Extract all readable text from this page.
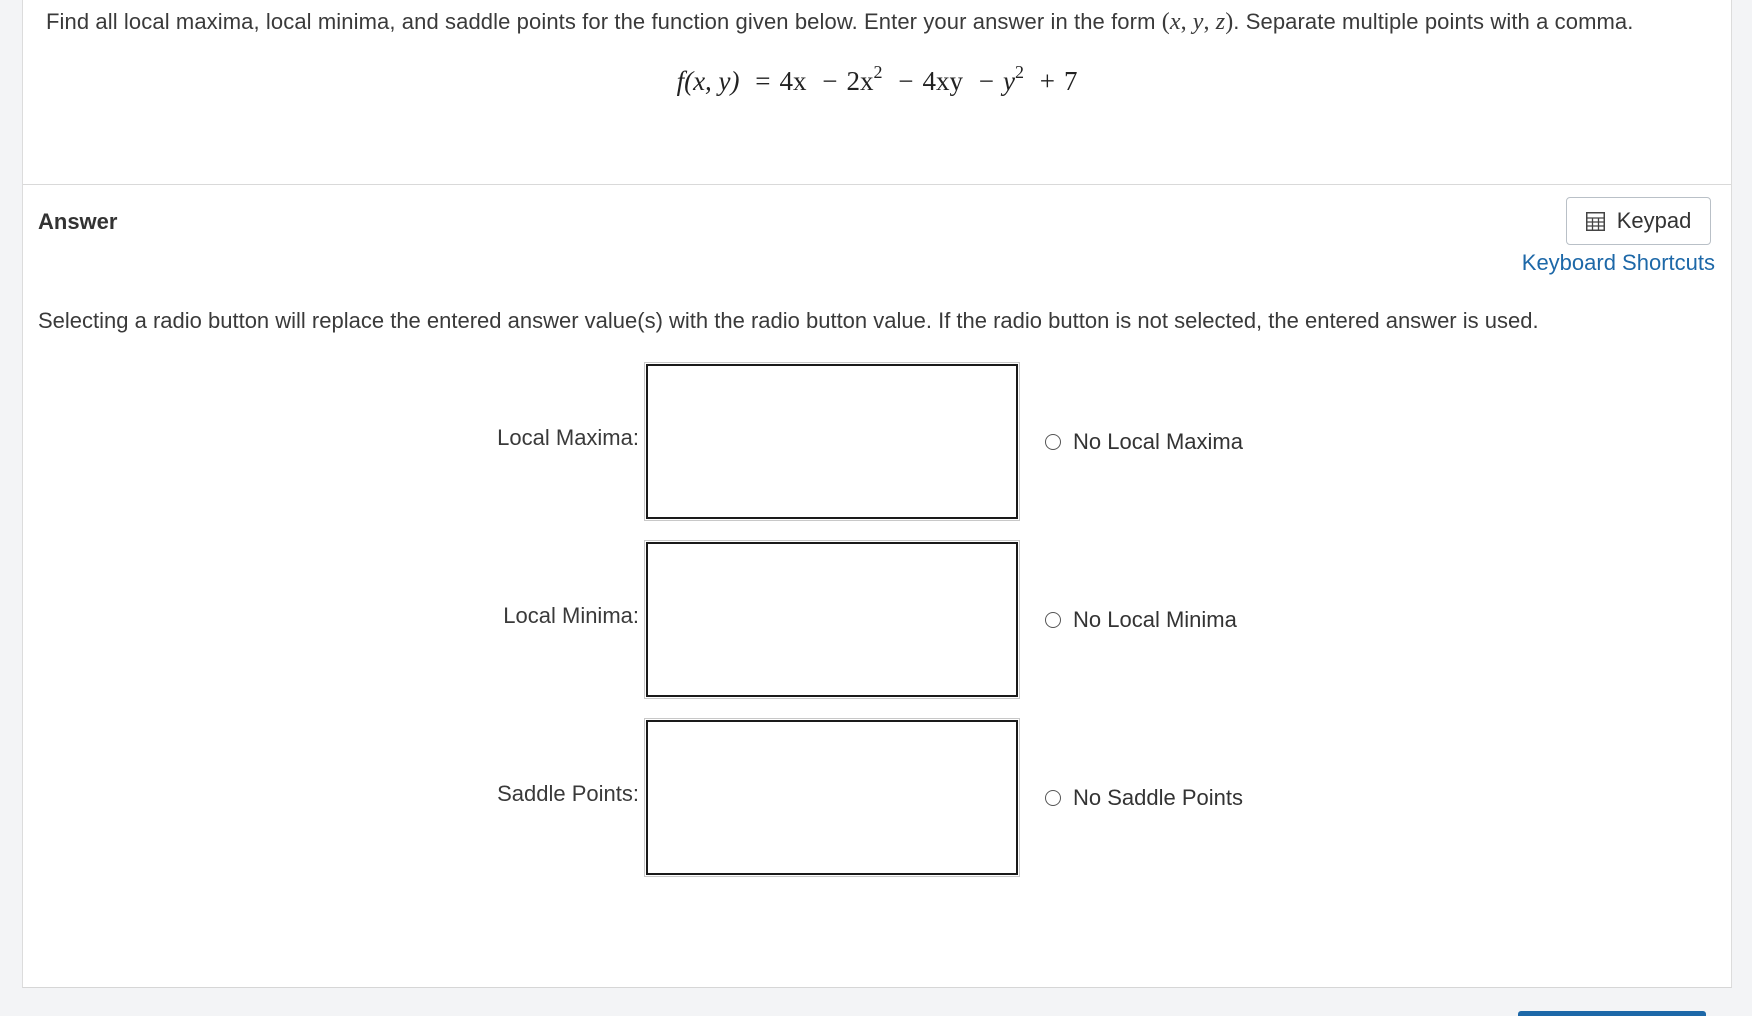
Find all local maxima, local minima, and saddle points for the function given below. Enter your answer in the form (x, y, z). Separate multiple points with a comma.
f(x, $y) = 4x - 2x^2 - 4xy - y^2 + 7$
Answer	Keypad
Keyboard Shortcuts
Selecting a radio button will replace the entered answer value(s) with the radio button value. If the radio button is not selected, the entered answer is used.
Local Maxima:	No Local Maxima
Local Minima:	No Local Minima
Saddle Points:	No Saddle Points
